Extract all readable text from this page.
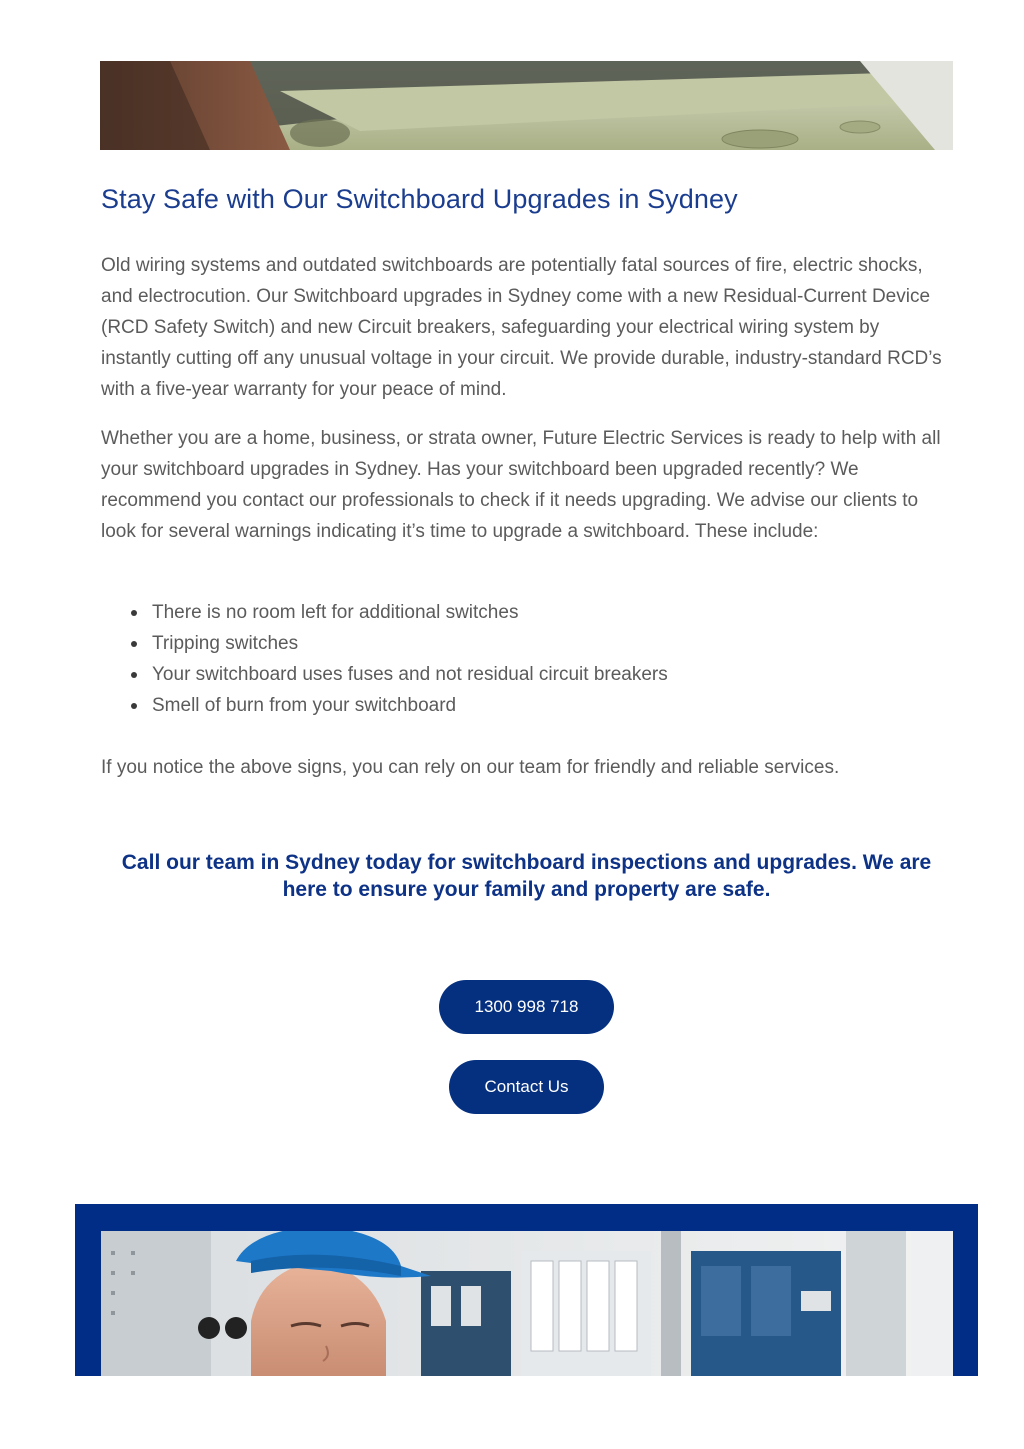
Stay Safe with Our Switchboard Upgrades in Sydney

Old wiring systems and outdated switchboards are potentially fatal sources of fire, electric shocks, and electrocution. Our Switchboard upgrades in Sydney come with a new Residual-Current Device (RCD Safety Switch) and new Circuit breakers, safeguarding your electrical wiring system by instantly cutting off any unusual voltage in your circuit. We provide durable, industry-standard RCD’s with a five-year warranty for your peace of mind.

Whether you are a home, business, or strata owner, Future Electric Services is ready to help with all your switchboard upgrades in Sydney. Has your switchboard been upgraded recently? We recommend you contact our professionals to check if it needs upgrading. We advise our clients to look for several warnings indicating it’s time to upgrade a switchboard. These include:

There is no room left for additional switches
Tripping switches
Your switchboard uses fuses and not residual circuit breakers
Smell of burn from your switchboard

If you notice the above signs, you can rely on our team for friendly and reliable services.

Call our team in Sydney today for switchboard inspections and upgrades. We are here to ensure your family and property are safe.
1300 998 718
Contact Us
